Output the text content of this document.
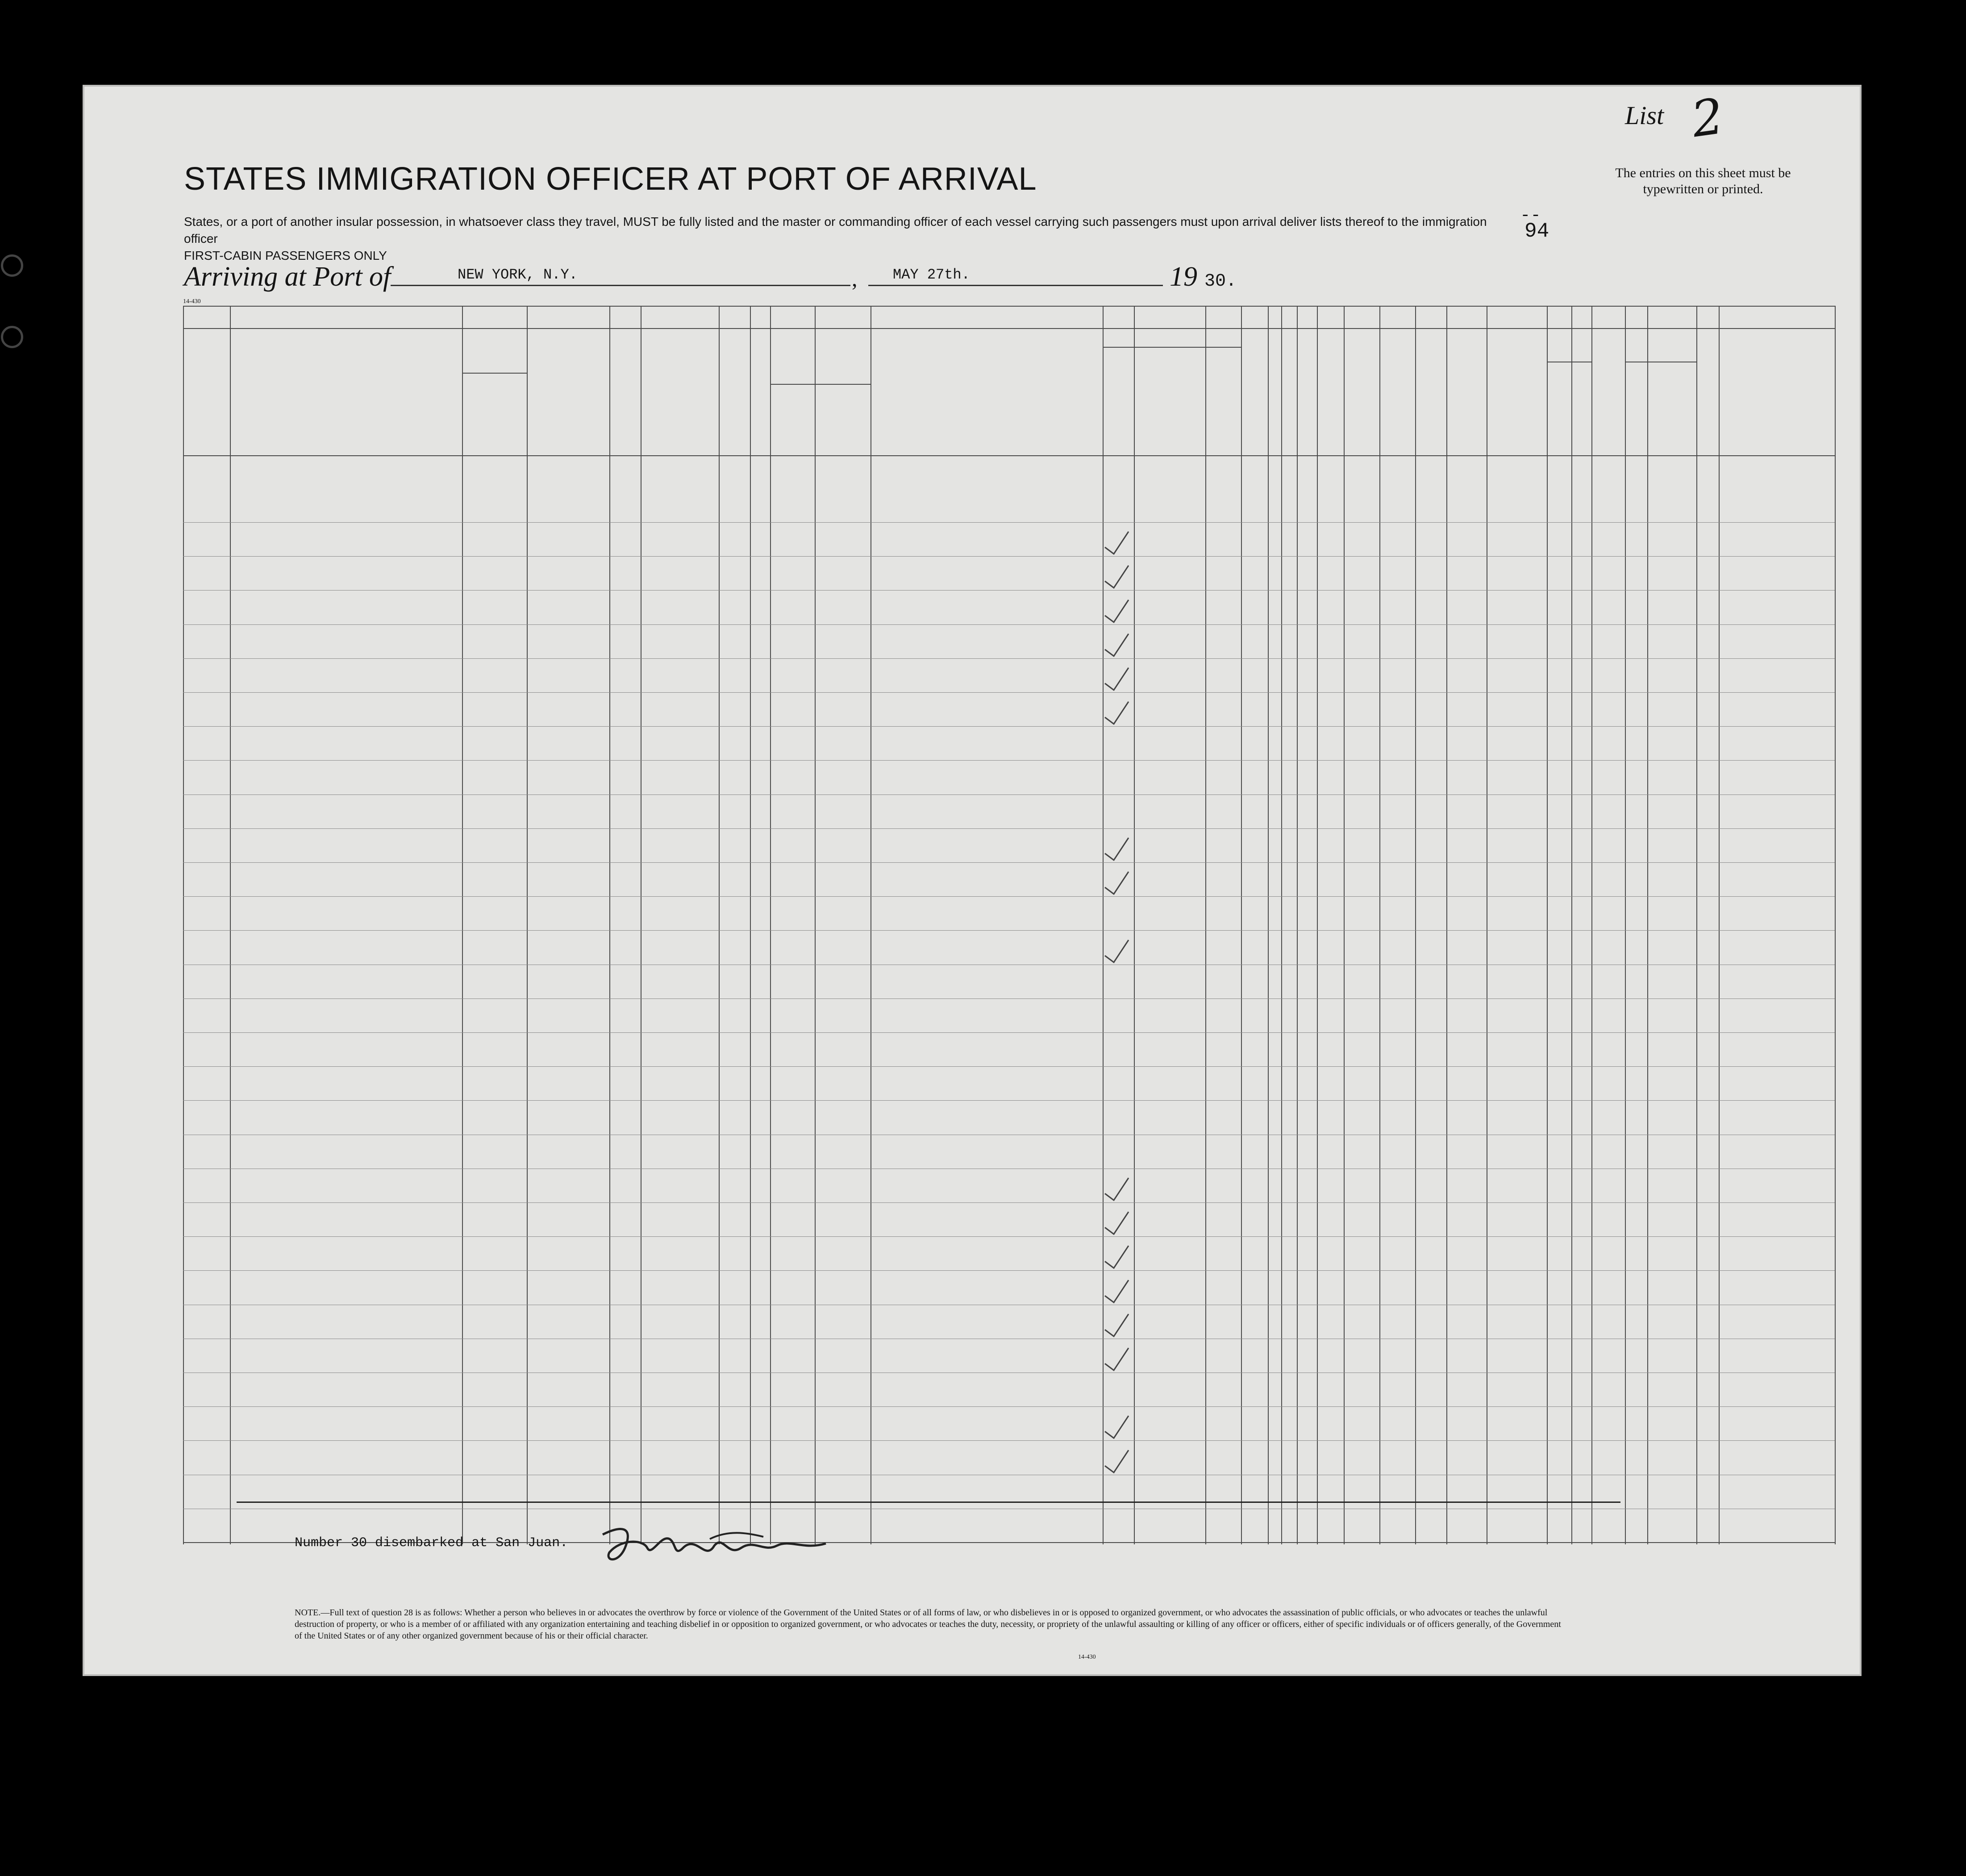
List 2
The entries on this sheet must be typewritten or printed.
STATES IMMIGRATION OFFICER AT PORT OF ARRIVAL
States, or a port of another insular possession, in whatsoever class they travel, MUST be fully listed and the master or commanding officer of each vessel carrying such passengers must upon arrival deliver lists thereof to the immigration officer
FIRST-CABIN PASSENGERS ONLY
- -
94
Arriving at Port of	NEW YORK, N.Y.	, MAY 27th.	19 30.
14-430
Number 30 disembarked at San Juan.
NOTE.—Full text of question 28 is as follows: Whether a person who believes in or advocates the overthrow by force or violence of the Government of the United States or of all forms of law, or who disbelieves in or is opposed to organized government, or who advocates the assassination of public officials, or who advocates or teaches the unlawful destruction of property, or who is a member of or affiliated with any organization entertaining and teaching disbelief in or opposition to organized government, or who advocates or teaches the duty, necessity, or propriety of the unlawful assaulting or killing of any officer or officers, either of specific individuals or of officers generally, of the Government of the United States or of any other organized government because of his or their official character.
14-430
